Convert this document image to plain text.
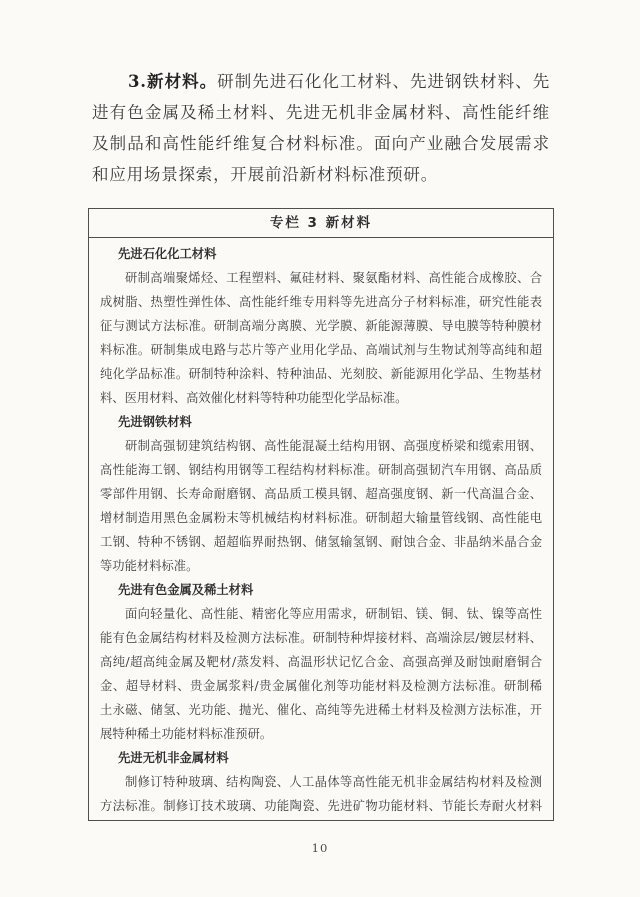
3.新材料。研制先进石化化工材料、先进钢铁材料、先
进有色金属及稀土材料、先进无机非金属材料、高性能纤维
及制品和高性能纤维复合材料标准。面向产业融合发展需求
和应用场景探索，开展前沿新材料标准预研。
专栏 3 新材料
先进石化化工材料
研制高端聚烯烃、工程塑料、氟硅材料、聚氨酯材料、高性能合成橡胶、合
成树脂、热塑性弹性体、高性能纤维专用料等先进高分子材料标准，研究性能表
征与测试方法标准。研制高端分离膜、光学膜、新能源薄膜、导电膜等特种膜材
料标准。研制集成电路与芯片等产业用化学品、高端试剂与生物试剂等高纯和超
纯化学品标准。研制特种涂料、特种油品、光刻胶、新能源用化学品、生物基材
料、医用材料、高效催化材料等特种功能型化学品标准。
先进钢铁材料
研制高强韧建筑结构钢、高性能混凝土结构用钢、高强度桥梁和缆索用钢、
高性能海工钢、钢结构用钢等工程结构材料标准。研制高强韧汽车用钢、高品质
零部件用钢、长寿命耐磨钢、高品质工模具钢、超高强度钢、新一代高温合金、
增材制造用黑色金属粉末等机械结构材料标准。研制超大输量管线钢、高性能电
工钢、特种不锈钢、超超临界耐热钢、储氢输氢钢、耐蚀合金、非晶纳米晶合金
等功能材料标准。
先进有色金属及稀土材料
面向轻量化、高性能、精密化等应用需求，研制铝、镁、铜、钛、镍等高性
能有色金属结构材料及检测方法标准。研制特种焊接材料、高端涂层/镀层材料、
高纯/超高纯金属及靶材/蒸发料、高温形状记忆合金、高强高弹及耐蚀耐磨铜合
金、超导材料、贵金属浆料/贵金属催化剂等功能材料及检测方法标准。研制稀
土永磁、储氢、光功能、抛光、催化、高纯等先进稀土材料及检测方法标准，开
展特种稀土功能材料标准预研。
先进无机非金属材料
制修订特种玻璃、结构陶瓷、人工晶体等高性能无机非金属结构材料及检测
方法标准。制修订技术玻璃、功能陶瓷、先进矿物功能材料、节能长寿耐火材料
10
